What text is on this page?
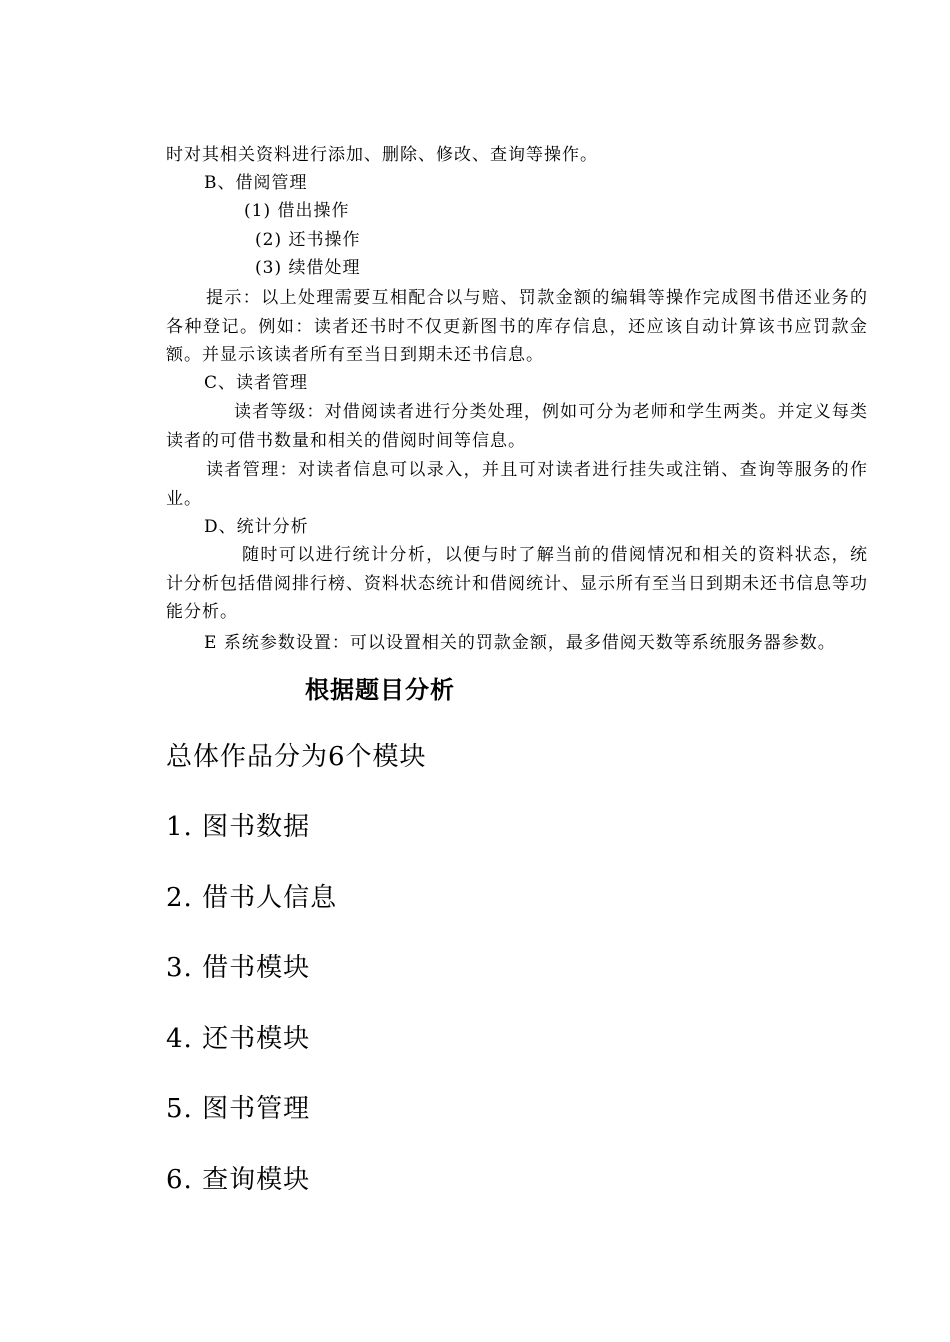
时对其相关资料进行添加、删除、修改、查询等操作。
B、借阅管理
(1) 借出操作
(2) 还书操作
(3) 续借处理
提示：以上处理需要互相配合以与赔、罚款金额的编辑等操作完成图书借还业务的各种登记。例如：读者还书时不仅更新图书的库存信息，还应该自动计算该书应罚款金额。并显示该读者所有至当日到期未还书信息。
C、读者管理
读者等级：对借阅读者进行分类处理，例如可分为老师和学生两类。并定义每类读者的可借书数量和相关的借阅时间等信息。
读者管理：对读者信息可以录入，并且可对读者进行挂失或注销、查询等服务的作业。
D、统计分析
随时可以进行统计分析，以便与时了解当前的借阅情况和相关的资料状态，统计分析包括借阅排行榜、资料状态统计和借阅统计、显示所有至当日到期未还书信息等功能分析。
E 系统参数设置：可以设置相关的罚款金额，最多借阅天数等系统服务器参数。
根据题目分析
总体作品分为6个模块
1. 图书数据
2. 借书人信息
3. 借书模块
4. 还书模块
5. 图书管理
6. 查询模块
